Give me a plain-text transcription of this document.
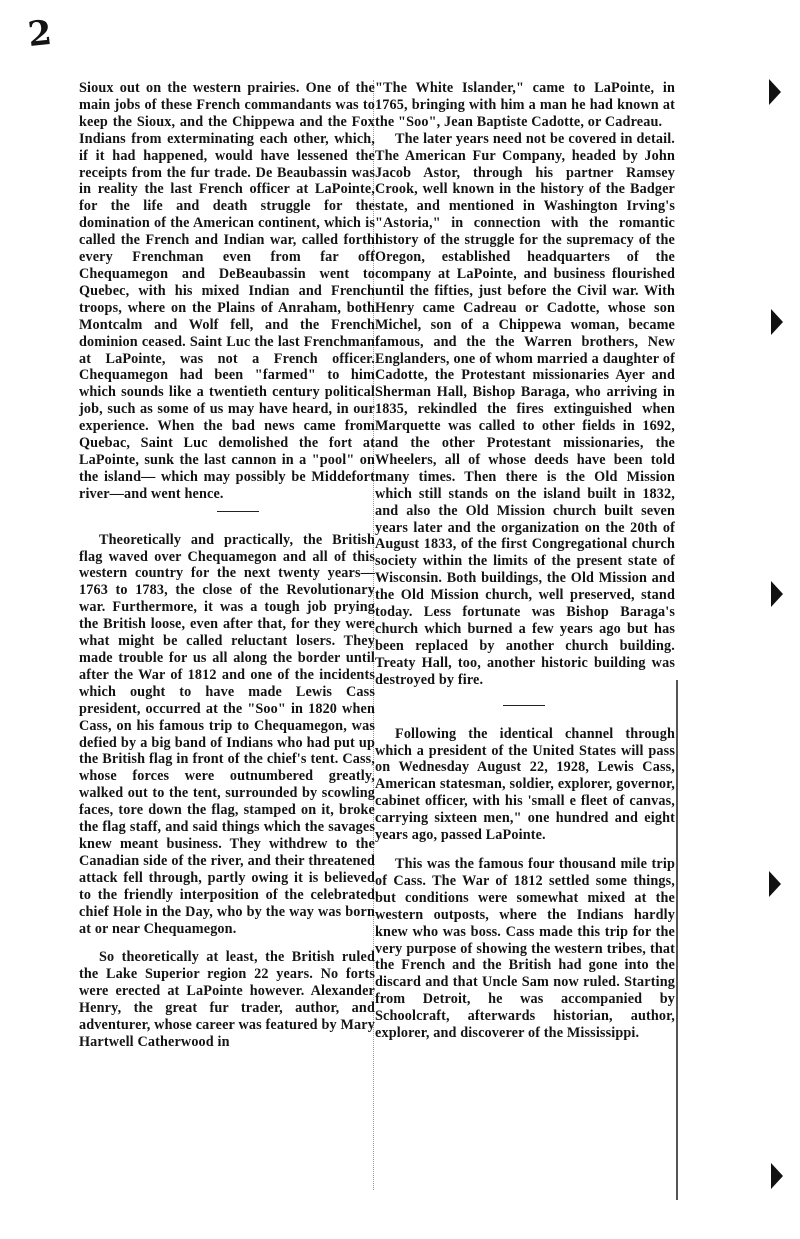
2

Sioux out on the western prairies. One of the main jobs of these French commandants was to keep the Sioux, and the Chippewa and the Fox Indians from exterminating each other, which, if it had happened, would have lessened the receipts from the fur trade. De Beaubassin was in reality the last French officer at LaPointe, for the life and death struggle for the domination of the American continent, which is called the French and Indian war, called forth every Frenchman even from far off Chequamegon and DeBeaubassin went to Quebec, with his mixed Indian and French troops, where on the Plains of Anraham, both Montcalm and Wolf fell, and the French dominion ceased. Saint Luc the last Frenchman at LaPointe, was not a French officer. Chequamegon had been "farmed" to him which sounds like a twentieth century political job, such as some of us may have heard, in our experience. When the bad news came from Quebac, Saint Luc demolished the fort at LaPointe, sunk the last cannon in a "pool" on the island— which may possibly be Middefort river—and went hence.

Theoretically and practically, the British flag waved over Chequamegon and all of this western country for the next twenty years—1763 to 1783, the close of the Revolutionary war. Furthermore, it was a tough job prying the British loose, even after that, for they were what might be called reluctant losers. They made trouble for us all along the border until after the War of 1812 and one of the incidents which ought to have made Lewis Cass president, occurred at the "Soo" in 1820 when Cass, on his famous trip to Chequamegon, was defied by a big band of Indians who had put up the British flag in front of the chief's tent. Cass, whose forces were outnumbered greatly, walked out to the tent, surrounded by scowling faces, tore down the flag, stamped on it, broke the flag staff, and said things which the savages knew meant business. They withdrew to the Canadian side of the river, and their threatened attack fell through, partly owing it is believed to the friendly interposition of the celebrated chief Hole in the Day, who by the way was born at or near Chequamegon.

So theoretically at least, the British ruled the Lake Superior region 22 years. No forts were erected at LaPointe however. Alexander Henry, the great fur trader, author, and adventurer, whose career was featured by Mary Hartwell Catherwood in

"The White Islander," came to LaPointe, in 1765, bringing with him a man he had known at the "Soo", Jean Baptiste Cadotte, or Cadreau.

The later years need not be covered in detail. The American Fur Company, headed by John Jacob Astor, through his partner Ramsey Crook, well known in the history of the Badger state, and mentioned in Washington Irving's "Astoria," in connection with the romantic history of the struggle for the supremacy of the Oregon, established headquarters of the company at LaPointe, and business flourished until the fifties, just before the Civil war. With Henry came Cadreau or Cadotte, whose son Michel, son of a Chippewa woman, became famous, and the the Warren brothers, New Englanders, one of whom married a daughter of Cadotte, the Protestant missionaries Ayer and Sherman Hall, Bishop Baraga, who arriving in 1835, rekindled the fires extinguished when Marquette was called to other fields in 1692, and the other Protestant missionaries, the Wheelers, all of whose deeds have been told many times. Then there is the Old Mission which still stands on the island built in 1832, and also the Old Mission church built seven years later and the organization on the 20th of August 1833, of the first Congregational church society within the limits of the present state of Wisconsin. Both buildings, the Old Mission and the Old Mission church, well preserved, stand today. Less fortunate was Bishop Baraga's church which burned a few years ago but has been replaced by another church building. Treaty Hall, too, another historic building was destroyed by fire.

Following the identical channel through which a president of the United States will pass on Wednesday August 22, 1928, Lewis Cass, American statesman, soldier, explorer, governor, cabinet officer, with his 'small e fleet of canvas, carrying sixteen men," one hundred and eight years ago, passed LaPointe.

This was the famous four thousand mile trip of Cass. The War of 1812 settled some things, but conditions were somewhat mixed at the western outposts, where the Indians hardly knew who was boss. Cass made this trip for the very purpose of showing the western tribes, that the French and the British had gone into the discard and that Uncle Sam now ruled. Starting from Detroit, he was accompanied by Schoolcraft, afterwards historian, author, explorer, and discoverer of the Mississippi.
